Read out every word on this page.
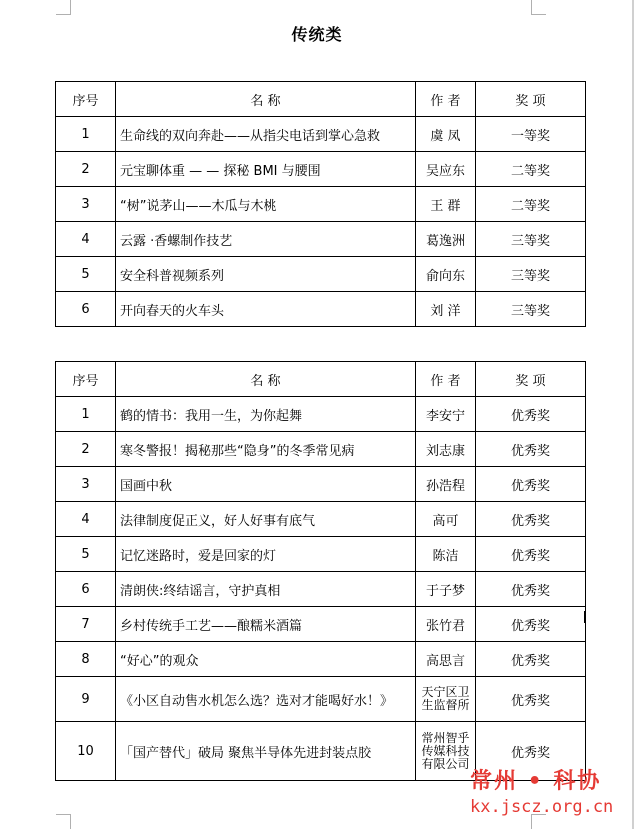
传统类
序号	名 称	作 者	奖 项
1	生命线的双向奔赴——从指尖电话到掌心急救	虞 凤	一等奖
2	元宝聊体重 — — 探秘 BMI 与腰围	吴应东	二等奖
3	“树”说茅山——木瓜与木桃	王 群	二等奖
4	云露 ·香螺制作技艺	葛逸洲	三等奖
5	安全科普视频系列	俞向东	三等奖
6	开向春天的火车头	刘 洋	三等奖
序号	名 称	作 者	奖 项
1	鹤的情书：我用一生，为你起舞	李安宁	优秀奖
2	寒冬警报！揭秘那些“隐身”的冬季常见病	刘志康	优秀奖
3	国画中秋	孙浩程	优秀奖
4	法律制度促正义，好人好事有底气	高可	优秀奖
5	记忆迷路时，爱是回家的灯	陈洁	优秀奖
6	清朗侠:终结谣言，守护真相	于子梦	优秀奖
7	乡村传统手工艺——酿糯米酒篇	张竹君	优秀奖
8	“好心”的观众	高思言	优秀奖
9	《小区自动售水机怎么选？选对才能喝好水！》	天宁区卫生监督所	优秀奖
10	「国产替代」破局 聚焦半导体先进封装点胶	常州智乎传媒科技有限公司	优秀奖
常州 • 科协
kx.jscz.org.cn
